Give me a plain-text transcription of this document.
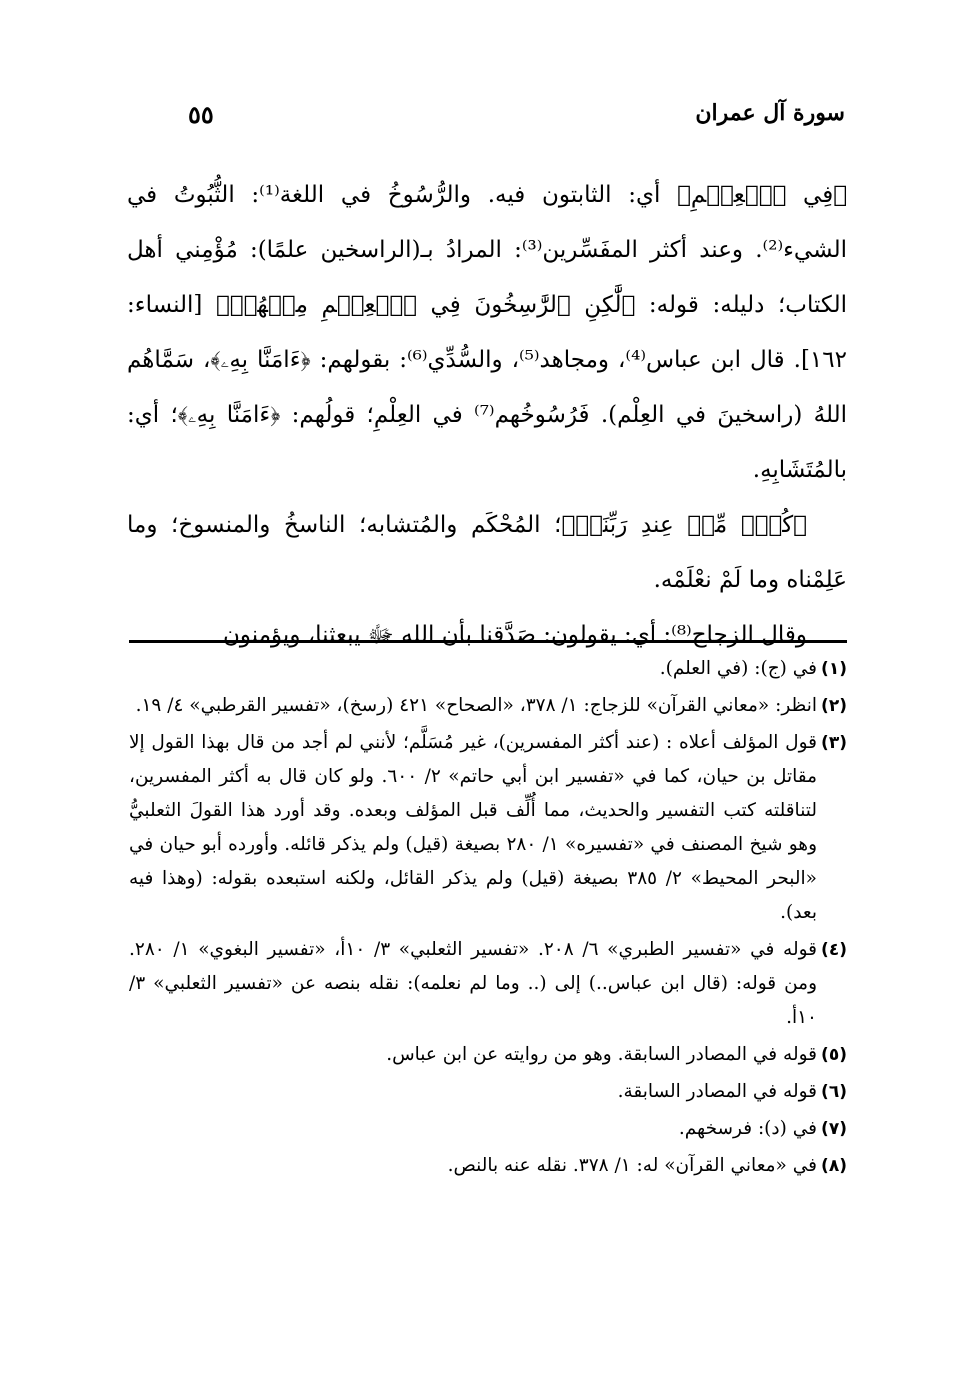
سورة آل عمران
٥٥

﴿فِي ٱلۡعِلۡمِ﴾ أي: الثابتون فيه. والرُّسُوخُ في اللغة⁽¹⁾: الثُّبُوتُ في الشيء⁽²⁾. وعند أكثر المفَسِّرين⁽³⁾: المرادُ بـ(الراسخين علمًا): مُؤْمِني أهل الكتاب؛ دليله: قوله: ﴿لَّٰكِنِ ٱلرَّٰسِخُونَ فِي ٱلۡعِلۡمِ مِنۡهُمۡ﴾ [النساء: ١٦٢]. قال ابن عباس⁽⁴⁾، ومجاهد⁽⁵⁾، والسُّدِّي⁽⁶⁾: بقولهم: ﴿ءَامَنَّا بِهِۦ﴾، سَمَّاهُم اللهُ (راسخينَ في العِلْم). فَرُسُوخُهم⁽⁷⁾ في العِلْمِ؛ قولُهم: ﴿ءَامَنَّا بِهِۦ﴾؛ أي: بالمُتَشَابِهِ.

﴿كُلّٞ مِّنۡ عِندِ رَبِّنَاۗ﴾؛ المُحْكَم والمُتشابه؛ الناسخُ والمنسوخ؛ وما عَلِمْناه وما لَمْ نعْلَمْه.

وقال الزجاج⁽⁸⁾: أي: يقولون: صَدَّقنا بأن الله ﷻ يبعثنا، ويؤمنون

(١)
في (ج): (في العلم).
(٢)
انظر: «معاني القرآن» للزجاج: ١/ ٣٧٨، «الصحاح» ٤٢١ (رسخ)، «تفسير القرطبي» ٤/ ١٩.
(٣)
قول المؤلف أعلاه : (عند أكثر المفسرين)، غير مُسَلَّم؛ لأنني لم أجد من قال بهذا القول إلا مقاتل بن حيان، كما في «تفسير ابن أبي حاتم» ٢/ ٦٠٠. ولو كان قال به أكثر المفسرين، لتناقلته كتب التفسير والحديث، مما أُلِّف قبل المؤلف وبعده. وقد أورد هذا القولَ الثعلبيُّ وهو شيخ المصنف في «تفسيره» ١/ ٢٨٠ بصيغة (قيل) ولم يذكر قائله. وأورده أبو حيان في «البحر المحيط» ٢/ ٣٨٥ بصيغة (قيل) ولم يذكر القائل، ولكنه استبعده بقوله: (وهذا فيه بعد).
(٤)
قوله في «تفسير الطبري» ٦/ ٢٠٨. «تفسير الثعلبي» ٣/ ١٠أ، «تفسير البغوي» ١/ ٢٨٠. ومن قوله: (قال ابن عباس..) إلى (.. وما لم نعلمه): نقله بنصه عن «تفسير الثعلبي» ٣/ ١٠أ.
(٥)
قوله في المصادر السابقة. وهو من روايته عن ابن عباس.
(٦)
قوله في المصادر السابقة.
(٧)
في (د): فرسخهم.
(٨)
في «معاني القرآن» له: ١/ ٣٧٨. نقله عنه بالنص.
